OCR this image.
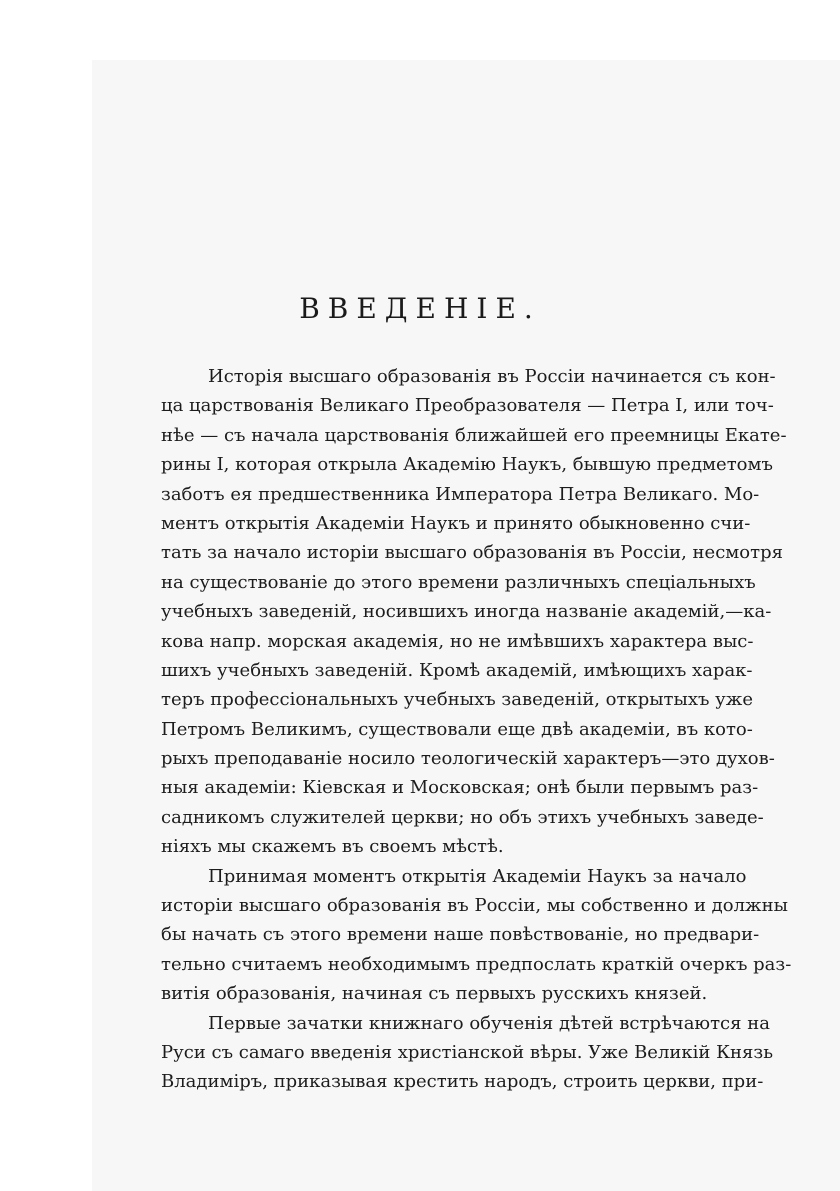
ВВЕДЕНІЕ.
Исторія высшаго образованія въ Россіи начинается съ кон-
ца царствованія Великаго Преобразователя — Петра I, или точ-
нѣе — съ начала царствованія ближайшей его преемницы Екате-
рины I, которая открыла Академію Наукъ, бывшую предметомъ
заботъ ея предшественника Императора Петра Великаго. Мо-
ментъ открытія Академіи Наукъ и принято обыкновенно счи-
тать за начало исторіи высшаго образованія въ Россіи, несмотря
на существованіе до этого времени различныхъ спеціальныхъ
учебныхъ заведеній, носившихъ иногда названіе академій,—ка-
кова напр. морская академія, но не имѣвшихъ характера выс-
шихъ учебныхъ заведеній. Кромѣ академій, имѣющихъ харак-
теръ профессіональныхъ учебныхъ заведеній, открытыхъ уже
Петромъ Великимъ, существовали еще двѣ академіи, въ кото-
рыхъ преподаваніе носило теологическій характеръ—это духов-
ныя академіи: Кіевская и Московская; онѣ были первымъ раз-
садникомъ служителей церкви; но объ этихъ учебныхъ заведе-
ніяхъ мы скажемъ въ своемъ мѣстѣ.
Принимая моментъ открытія Академіи Наукъ за начало
исторіи высшаго образованія въ Россіи, мы собственно и должны
бы начать съ этого времени наше повѣствованіе, но предвари-
тельно считаемъ необходимымъ предпослать краткій очеркъ раз-
витія образованія, начиная съ первыхъ русскихъ князей.
Первые зачатки книжнаго обученія дѣтей встрѣчаются на
Руси съ самаго введенія христіанской вѣры. Уже Великій Князь
Владиміръ, приказывая крестить народъ, строить церкви, при-
